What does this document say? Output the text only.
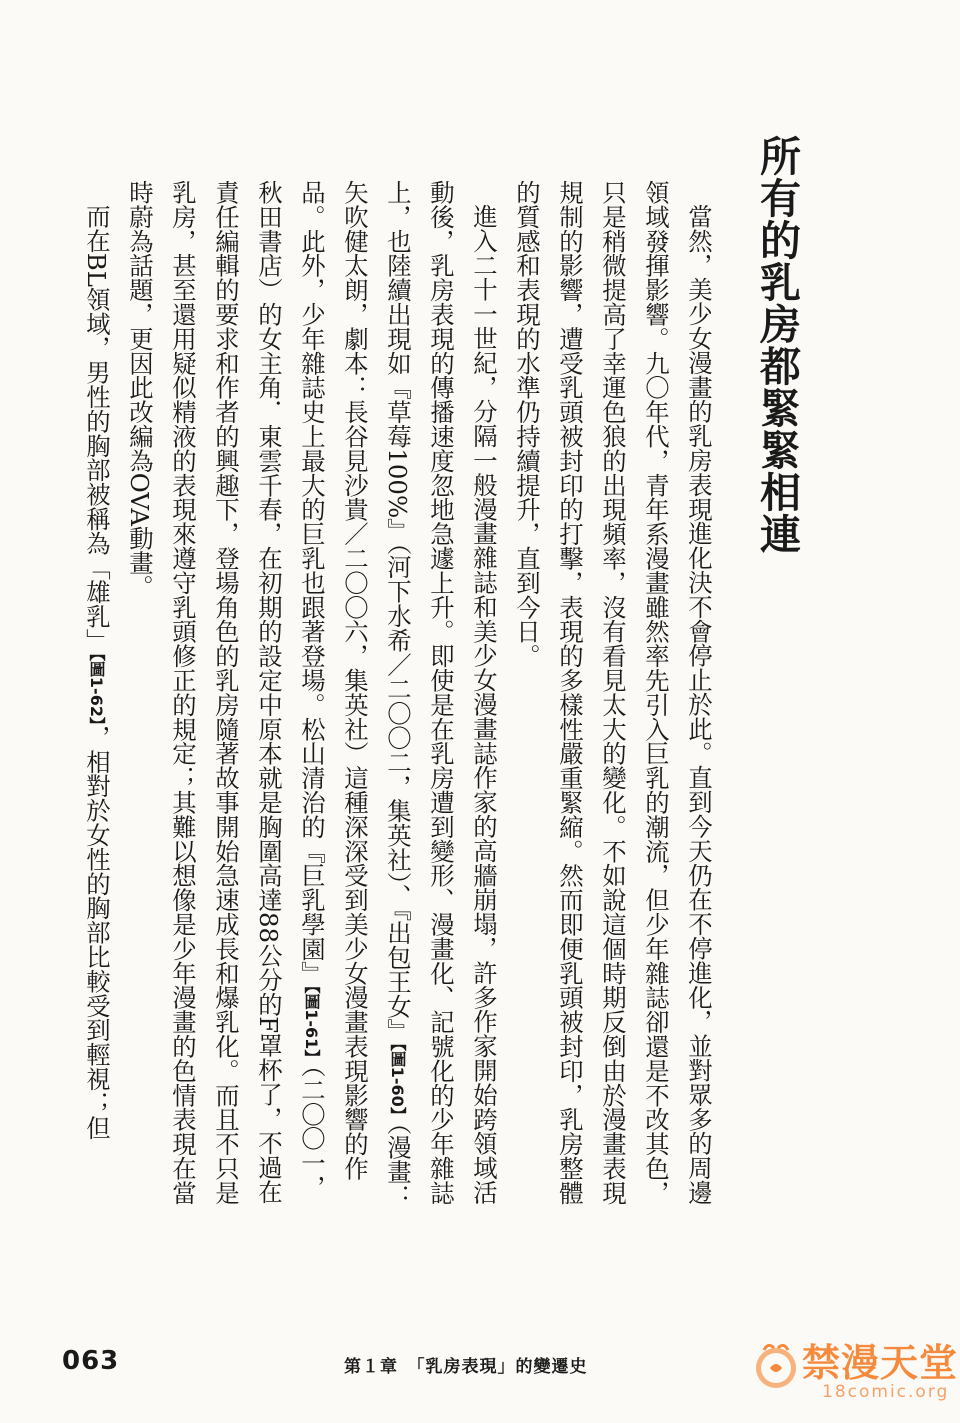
所有的乳房都緊緊相連

當然，美少女漫畫的乳房表現進化決不會停止於此。直到今天仍在不停進化，並對眾多的周邊領域發揮影響。九〇年代，青年系漫畫雖然率先引入巨乳的潮流，但少年雜誌卻還是不改其色，只是稍微提高了幸運色狼的出現頻率，沒有看見太大的變化。不如說這個時期反倒由於漫畫表現規制的影響，遭受乳頭被封印的打擊，表現的多樣性嚴重緊縮。然而即便乳頭被封印，乳房整體的質感和表現的水準仍持續提升，直到今日。

進入二十一世紀，分隔一般漫畫雜誌和美少女漫畫誌作家的高牆崩塌，許多作家開始跨領域活動後，乳房表現的傳播速度忽地急遽上升。即使是在乳房遭到變形、漫畫化、記號化的少年雜誌上，也陸續出現如『草莓100%』（河下水希／二〇〇二，集英社）、『出包王女』【圖1-60】（漫畫：矢吹健太朗，劇本：長谷見沙貴／二〇〇六，集英社）這種深深受到美少女漫畫表現影響的作品。此外，少年雜誌史上最大的巨乳也跟著登場。松山清治的『巨乳學園』【圖1-61】（二〇〇一，秋田書店）的女主角．東雲千春，在初期的設定中原本就是胸圍高達88公分的F罩杯了，不過在責任編輯的要求和作者的興趣下，登場角色的乳房隨著故事開始急速成長和爆乳化。而且不只是乳房，甚至還用疑似精液的表現來遵守乳頭修正的規定；其難以想像是少年漫畫的色情表現在當時蔚為話題，更因此改編為OVA動畫。

而在BL領域，男性的胸部被稱為「雄乳」【圖1-62】，相對於女性的胸部比較受到輕視；但

063	第１章　「乳房表現」的變遷史	禁漫天堂
18comic.org
